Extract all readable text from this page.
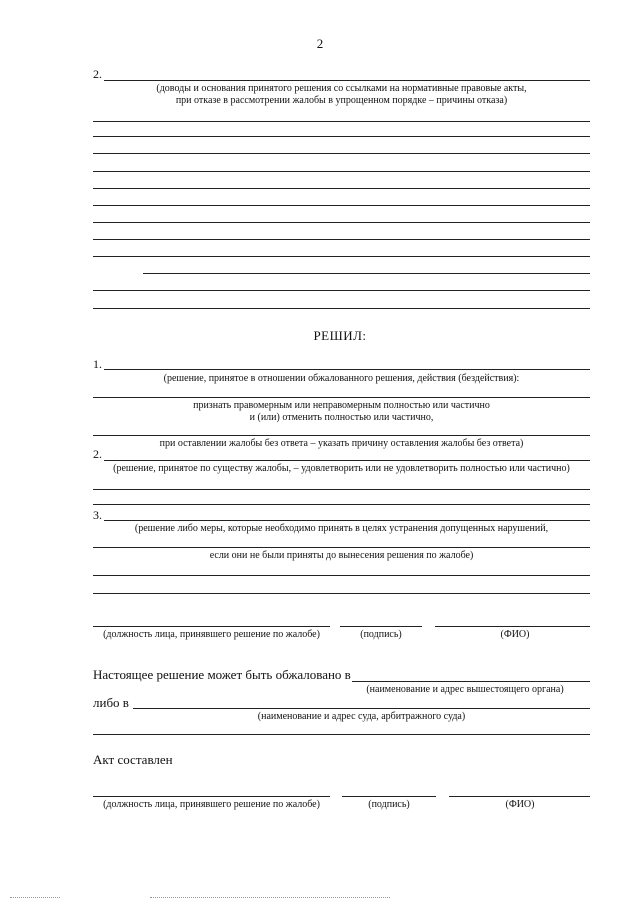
2
2.
(доводы и основания принятого решения со ссылками на нормативные правовые акты,
при отказе в рассмотрении жалобы в упрощенном порядке – причины отказа)
РЕШИЛ:
1.
(решение, принятое в отношении обжалованного решения, действия (бездействия):
признать правомерным или неправомерным полностью или частично
и (или) отменить полностью или частично,
при оставлении жалобы без ответа – указать причину оставления жалобы без ответа)
2.
(решение, принятое по существу жалобы, – удовлетворить или не удовлетворить полностью или частично)
3.
(решение либо меры, которые необходимо принять в целях устранения допущенных нарушений,
если они не были приняты до вынесения решения по жалобе)
(должность лица, принявшего решение по жалобе)	(подпись)	(ФИО)
Настоящее решение может быть обжаловано в
(наименование и адрес вышестоящего органа)
либо в
(наименование и адрес суда, арбитражного суда)
Акт составлен
(должность лица, принявшего решение по жалобе)	(подпись)	(ФИО)
